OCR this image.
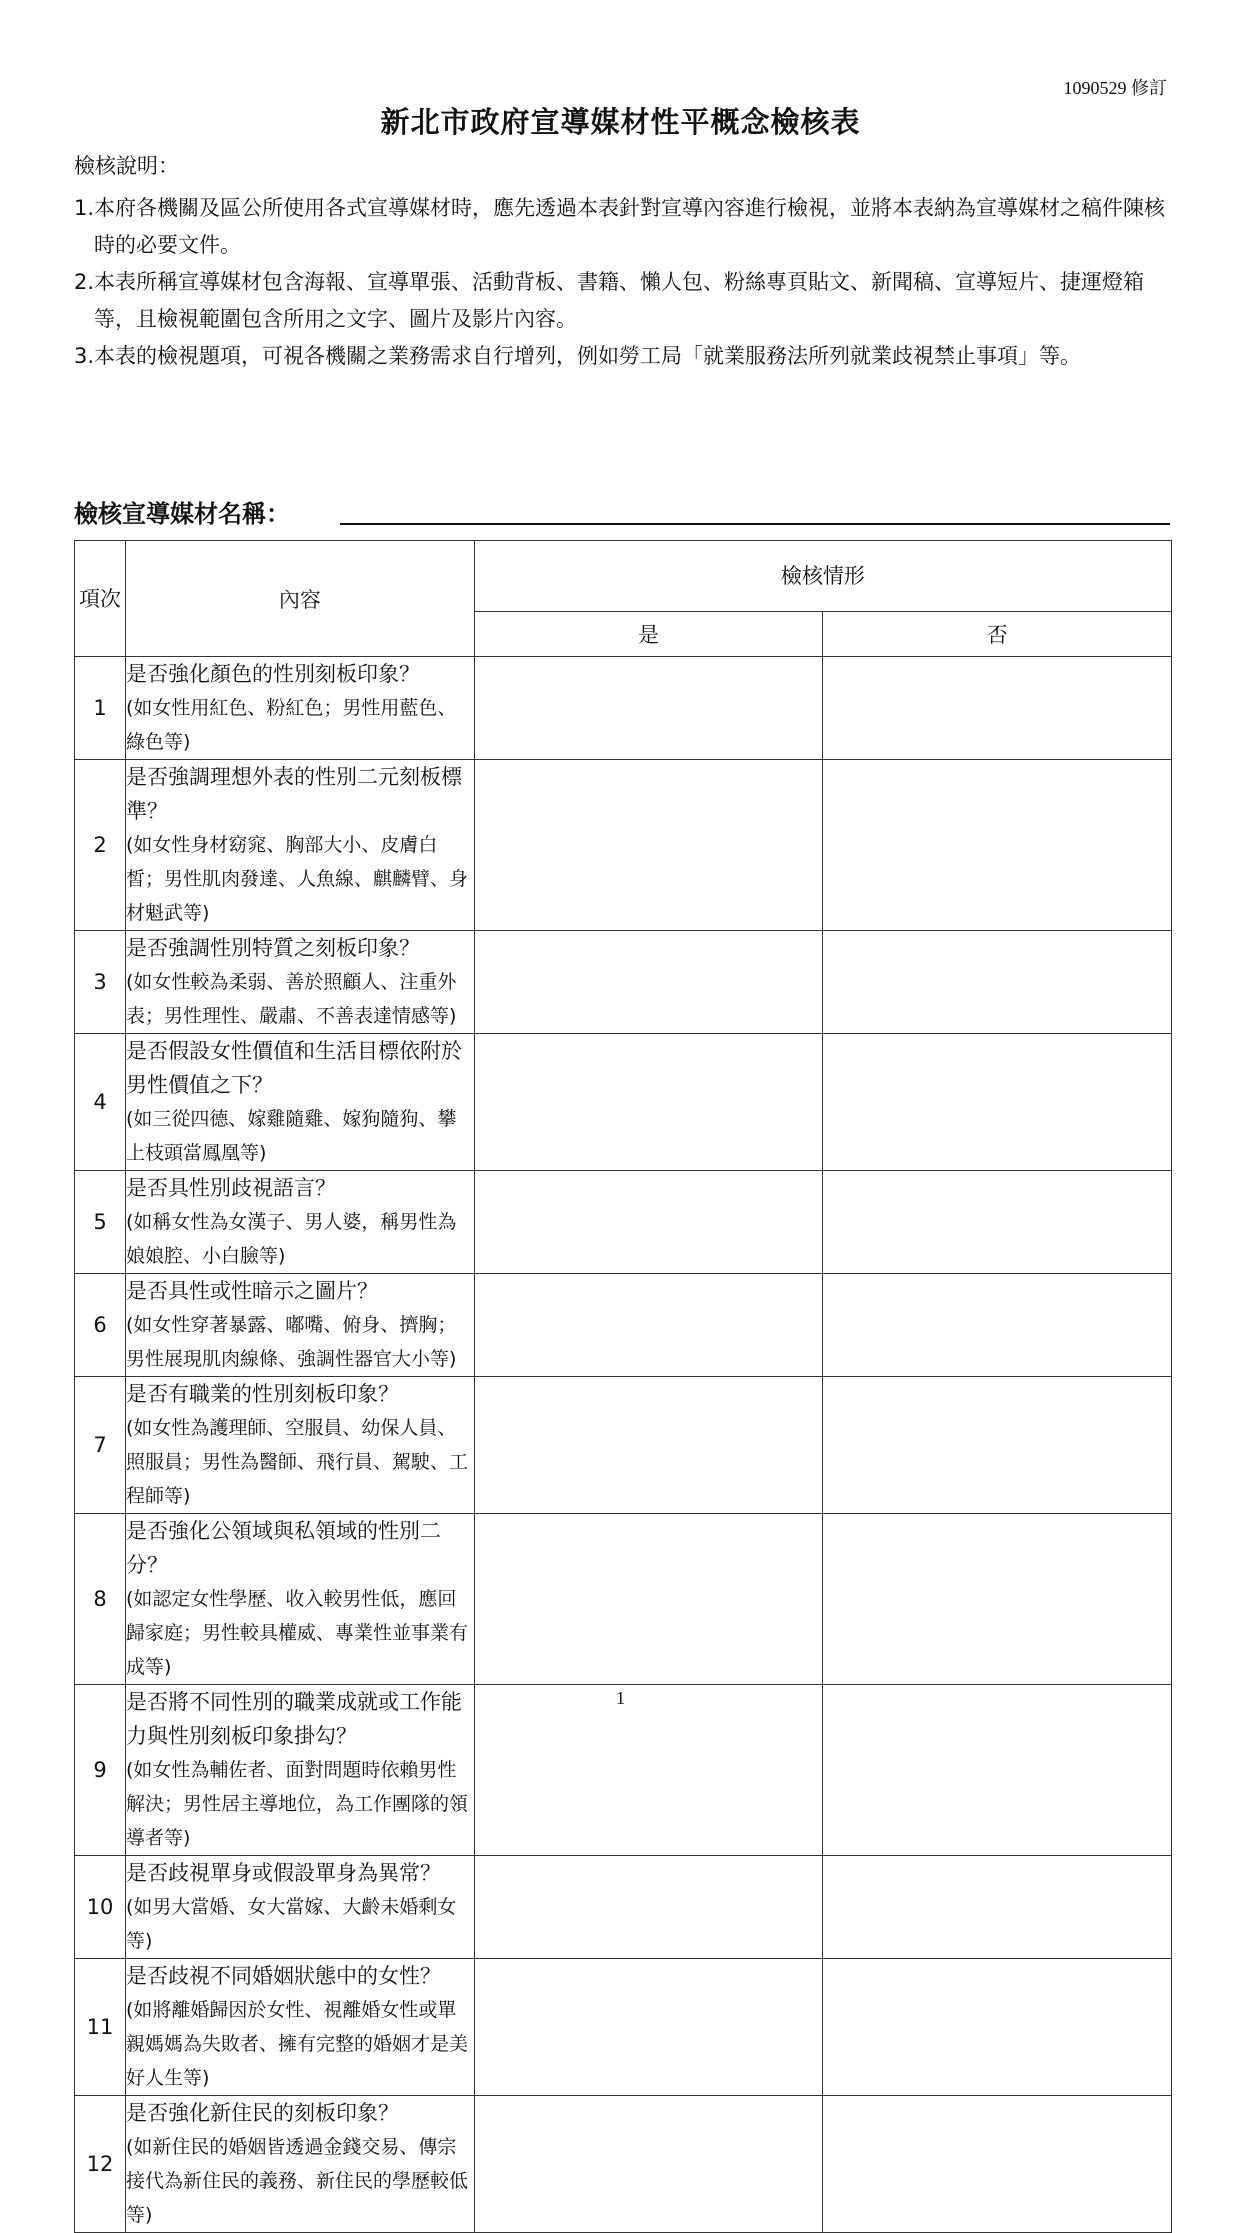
1090529 修訂
新北市政府宣導媒材性平概念檢核表
檢核說明：
1. 本府各機關及區公所使用各式宣導媒材時，應先透過本表針對宣導內容進行檢視，並將本表納為宣導媒材之稿件陳核時的必要文件。
2. 本表所稱宣導媒材包含海報、宣導單張、活動背板、書籍、懶人包、粉絲專頁貼文、新聞稿、宣導短片、捷運燈箱等，且檢視範圍包含所用之文字、圖片及影片內容。
3. 本表的檢視題項，可視各機關之業務需求自行增列，例如勞工局「就業服務法所列就業歧視禁止事項」等。
檢核宣導媒材名稱：
項次	內容	檢核情形	
		是	否
1	是否強化顏色的性別刻板印象？
(如女性用紅色、粉紅色；男性用藍色、綠色等)		

2	是否強調理想外表的性別二元刻板標準？
(如女性身材窈窕、胸部大小、皮膚白皙；男性肌肉發達、人魚線、麒麟臂、身材魁武等)		

3	是否強調性別特質之刻板印象？
(如女性較為柔弱、善於照顧人、注重外表；男性理性、嚴肅、不善表達情感等)		

4	是否假設女性價值和生活目標依附於男性價值之下？
(如三從四德、嫁雞隨雞、嫁狗隨狗、攀上枝頭當鳳凰等)		

5	是否具性別歧視語言？
(如稱女性為女漢子、男人婆，稱男性為娘娘腔、小白臉等)		

6	是否具性或性暗示之圖片？
(如女性穿著暴露、嘟嘴、俯身、擠胸；男性展現肌肉線條、強調性器官大小等)		

7	是否有職業的性別刻板印象？
(如女性為護理師、空服員、幼保人員、照服員；男性為醫師、飛行員、駕駛、工程師等)		

8	是否強化公領域與私領域的性別二分？
(如認定女性學歷、收入較男性低，應回歸家庭；男性較具權威、專業性並事業有成等)		

9	是否將不同性別的職業成就或工作能力與性別刻板印象掛勾？
(如女性為輔佐者、面對問題時依賴男性解決；男性居主導地位，為工作團隊的領導者等)		

10	是否歧視單身或假設單身為異常？
(如男大當婚、女大當嫁、大齡未婚剩女等)		

11	是否歧視不同婚姻狀態中的女性？
(如將離婚歸因於女性、視離婚女性或單親媽媽為失敗者、擁有完整的婚姻才是美好人生等)		

12	是否強化新住民的刻板印象？
(如新住民的婚姻皆透過金錢交易、傳宗接代為新住民的義務、新住民的學歷較低等)		

1
